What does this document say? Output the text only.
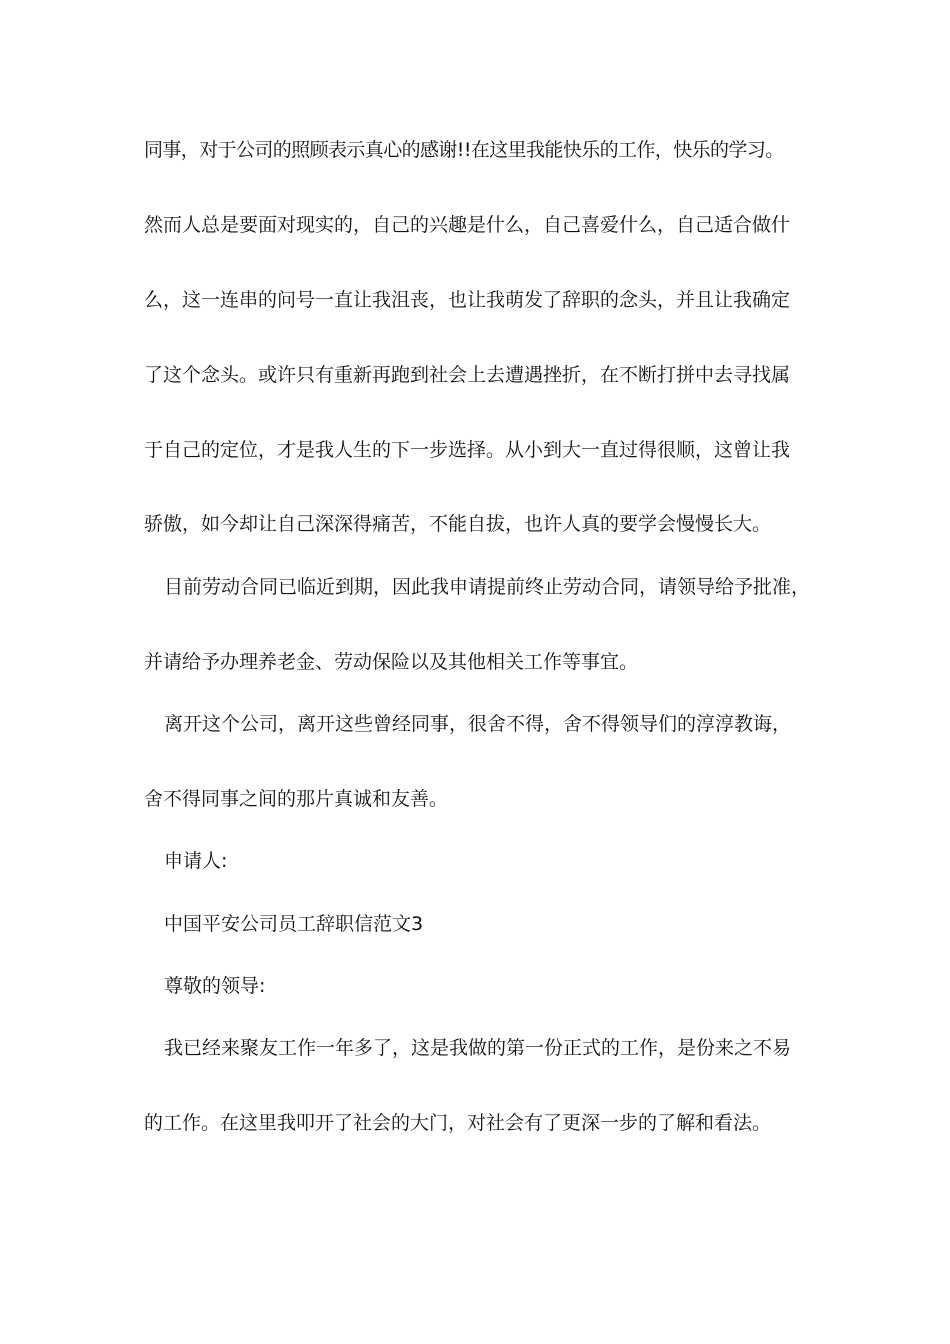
同事，对于公司的照顾表示真心的感谢!!在这里我能快乐的工作，快乐的学习。
然而人总是要面对现实的，自己的兴趣是什么，自己喜爱什么，自己适合做什
么，这一连串的问号一直让我沮丧，也让我萌发了辞职的念头，并且让我确定
了这个念头。或许只有重新再跑到社会上去遭遇挫折，在不断打拼中去寻找属
于自己的定位，才是我人生的下一步选择。从小到大一直过得很顺，这曾让我
骄傲，如今却让自己深深得痛苦，不能自拔，也许人真的要学会慢慢长大。
目前劳动合同已临近到期，因此我申请提前终止劳动合同，请领导给予批准，
并请给予办理养老金、劳动保险以及其他相关工作等事宜。
离开这个公司，离开这些曾经同事，很舍不得，舍不得领导们的淳淳教诲，
舍不得同事之间的那片真诚和友善。
申请人:
中国平安公司员工辞职信范文3
尊敬的领导:
我已经来聚友工作一年多了，这是我做的第一份正式的工作，是份来之不易
的工作。在这里我叩开了社会的大门，对社会有了更深一步的了解和看法。
